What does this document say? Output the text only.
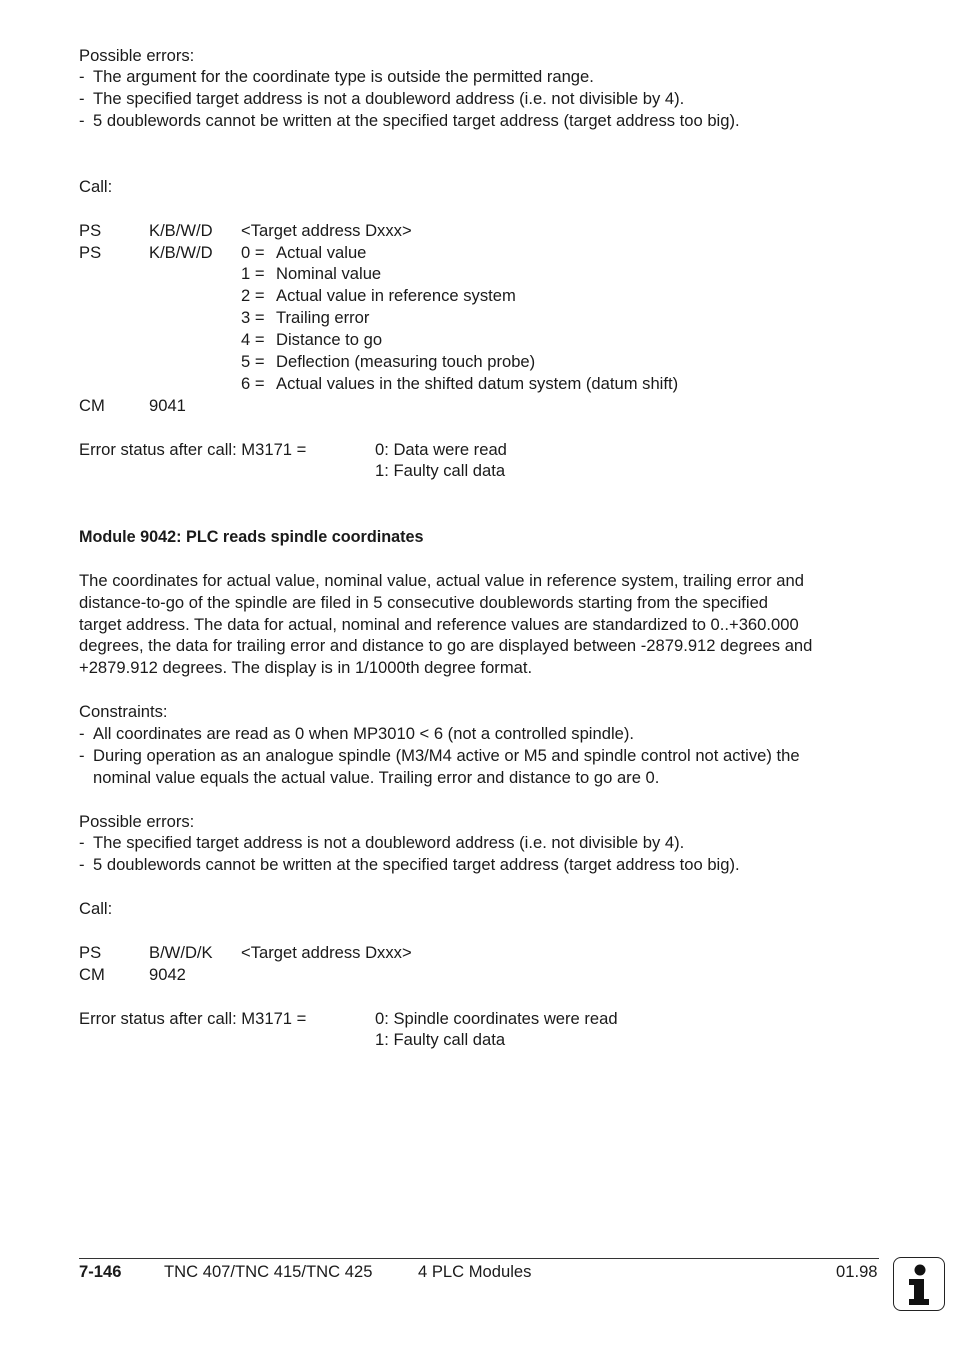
Possible errors:
- The argument for the coordinate type is outside the permitted range.
- The specified target address is not a doubleword address (i.e. not divisible by 4).
- 5 doublewords cannot be written at the specified target address (target address too big).
Call:
PS	K/B/W/D <Target address Dxxx>
PS	K/B/W/D 0 = Actual value
1 = Nominal value
2 = Actual value in reference system
3 = Trailing error
4 = Distance to go
5 = Deflection (measuring touch probe)
6 = Actual values in the shifted datum system (datum shift)
CM	9041
Error status after call: M3171 =	0: Data were read
1: Faulty call data
Module 9042: PLC reads spindle coordinates
The coordinates for actual value, nominal value, actual value in reference system, trailing error and
distance-to-go of the spindle are filed in 5 consecutive doublewords starting from the specified
target address. The data for actual, nominal and reference values are standardized to 0..+360.000
degrees, the data for trailing error and distance to go are displayed between -2879.912 degrees and
+2879.912 degrees. The display is in 1/1000th degree format.
Constraints:
- All coordinates are read as 0 when MP3010 < 6 (not a controlled spindle).
- During operation as an analogue spindle (M3/M4 active or M5 and spindle control not active) the
nominal value equals the actual value. Trailing error and distance to go are 0.
Possible errors:
- The specified target address is not a doubleword address (i.e. not divisible by 4).
- 5 doublewords cannot be written at the specified target address (target address too big).
Call:
PS	B/W/D/K <Target address Dxxx>
CM	9042
Error status after call: M3171 =	0: Spindle coordinates were read
1: Faulty call data
7-146	TNC 407/TNC 415/TNC 425	4 PLC Modules	01.98
